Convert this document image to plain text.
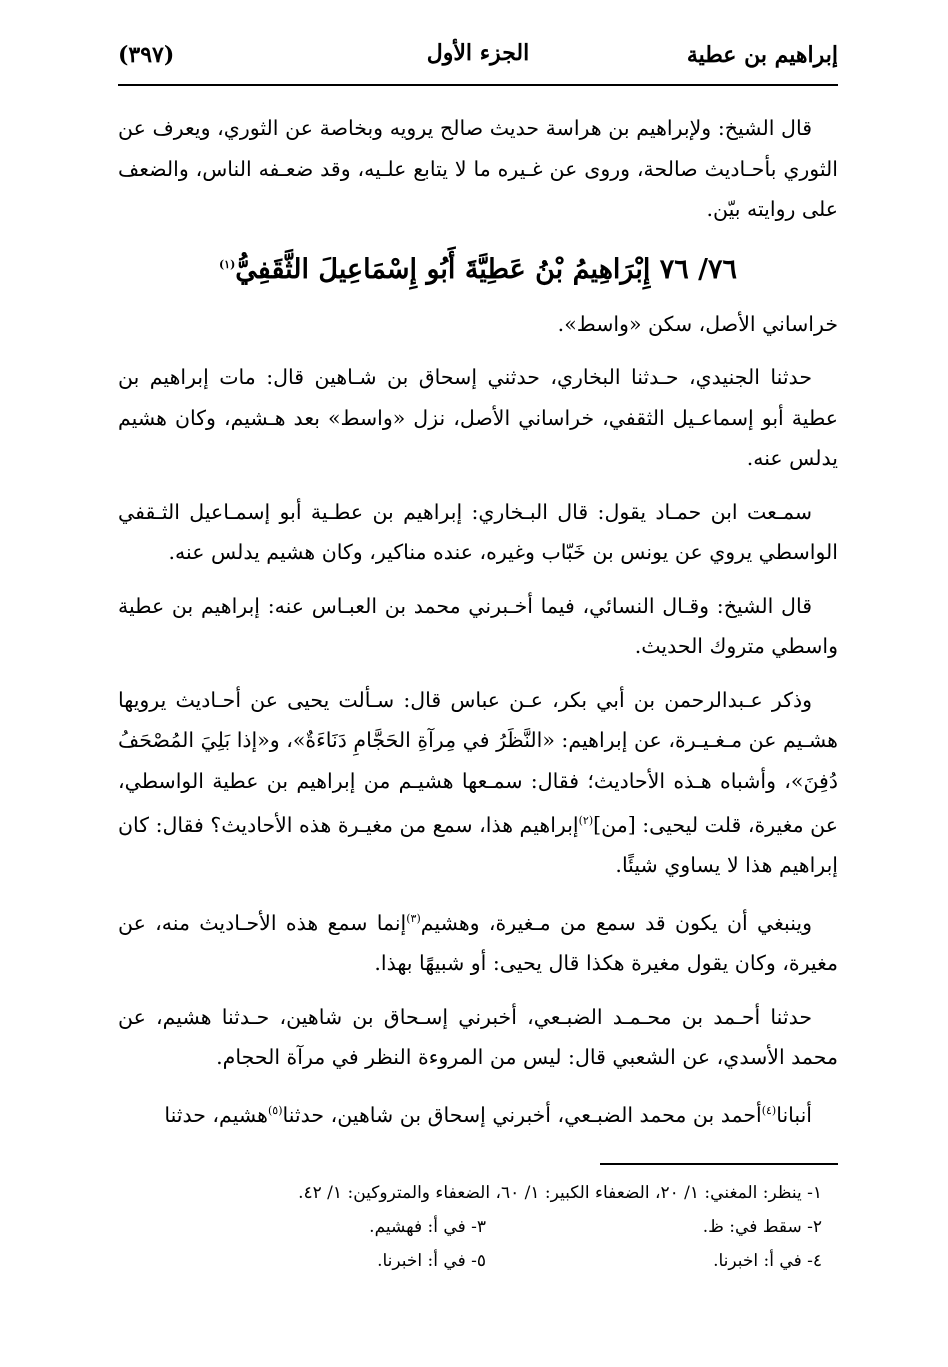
إبراهيم بن عطية
الجزء الأول
(٣٩٧)

قال الشيخ: ولإبراهيم بن هراسة حديث صالح يرويه وبخاصة عن الثوري، ويعرف عن الثوري بأحـاديث صالحة، وروى عن غـيره ما لا يتابع علـيه، وقد ضعـفه الناس، والضعف على روايته بيّن.

٧٦/ ٧٦ إِبْرَاهِيمُ بْنُ عَطِيَّةَ أَبُو إِسْمَاعِيلَ الثَّقَفِيُّ$^{(١)}$

خراساني الأصل، سكن «واسط».

حدثنا الجنيدي، حـدثنا البخاري، حدثني إسحاق بن شـاهين قال: مات إبراهيم بن عطية أبو إسماعـيل الثقفي، خراساني الأصل، نزل «واسط» بعد هـشيم، وكان هشيم يدلس عنه.

سمـعت ابن حمـاد يقول: قال البـخاري: إبراهيم بن عطـية أبو إسمـاعيل الثـقفي الواسطي يروي عن يونس بن خَبّاب وغيره، عنده مناكير، وكان هشيم يدلس عنه.

قال الشيخ: وقـال النسائي، فيما أخـبرني محمد بن العبـاس عنه: إبراهيم بن عطية واسطي متروك الحديث.

وذكر عـبدالرحمن بن أبي بكر، عـن عباس قال: سـألت يحيى عن أحـاديث يرويها هشـيم عن مـغـيـرة، عن إبراهيم: «النَّظَرُ في مِرآةِ الحَجَّامِ دَنَاءَةٌ»، و«إذا بَلِيَ المُصْحَفُ دُفِنَ»، وأشباه هـذه الأحاديث؛ فقال: سمـعها هشيـم من إبراهيم بن عطية الواسطي، عن مغيرة، قلت ليحيى: [من]$^{(٢)}$إبراهيم هذا، سمع من مغيـرة هذه الأحاديث؟ فقال: كان إبراهيم هذا لا يساوي شيئًا.

وينبغي أن يكون قد سمع من مـغيرة، وهشيم$^{(٣)}$إنما سمع هذه الأحـاديث منه، عن مغيرة، وكان يقول مغيرة هكذا قال يحيى: أو شبيهًا بهذا.

حدثنا أحـمد بن محـمـد الضبـعي، أخبرني إسـحاق بن شاهين، حـدثنا هشيم، عن محمد الأسدي، عن الشعبي قال: ليس من المروءة النظر في مرآة الحجام.

أنبانا$^{(٤)}$أحمد بن محمد الضبـعي، أخبرني إسحاق بن شاهين، حدثنا$^{(٥)}$هشيم، حدثنا

١- ينظر: المغني: ١/ ٢٠، الضعفاء الكبير: ١/ ٦٠، الضعفاء والمتروكين: ١/ ٤٢.
٢- سقط في: ظ.
٣- في أ: فهشيم.
٤- في أ: اخبرنا.
٥- في أ: اخبرنا.
